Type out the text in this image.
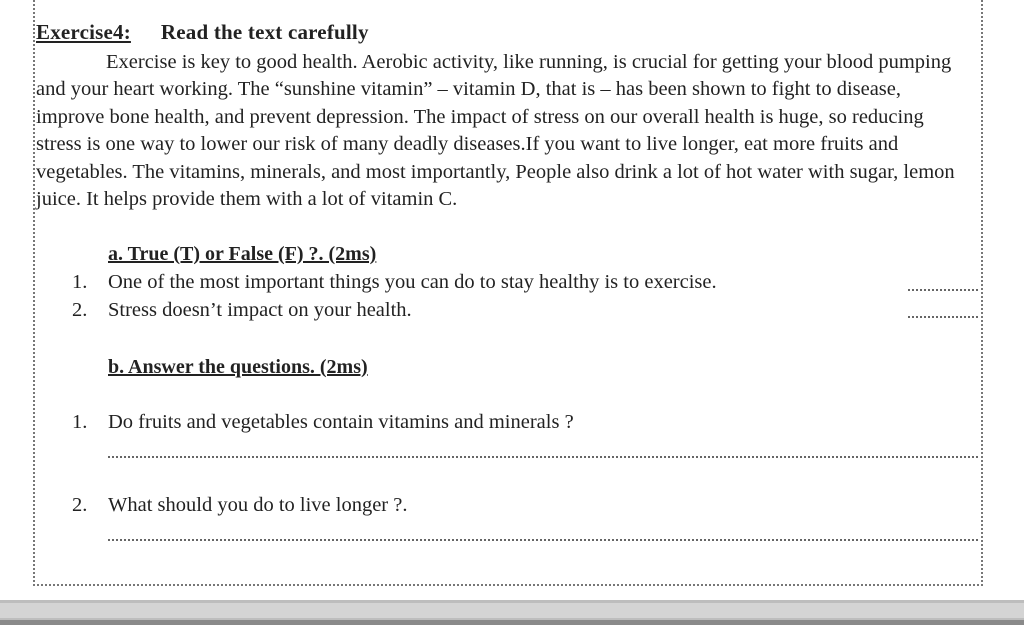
Exercise4: Read the text carefully

Exercise is key to good health. Aerobic activity, like running, is crucial for getting your blood pumping and your heart working. The “sunshine vitamin” – vitamin D, that is – has been shown to fight to disease, improve bone health, and prevent depression. The impact of stress on our overall health is huge, so reducing stress is one way to lower our risk of many deadly diseases.If you want to live longer, eat more fruits and vegetables. The vitamins, minerals, and most importantly, People also drink a lot of hot water with sugar, lemon juice. It helps provide them with a lot of vitamin C.

a. True (T) or False (F) ?. (2ms)
1. One of the most important things you can do to stay healthy is to exercise.
2. Stress doesn’t impact on your health.
b. Answer the questions. (2ms)
1. Do fruits and vegetables contain vitamins and minerals ?
2. What should you do to live longer ?.
